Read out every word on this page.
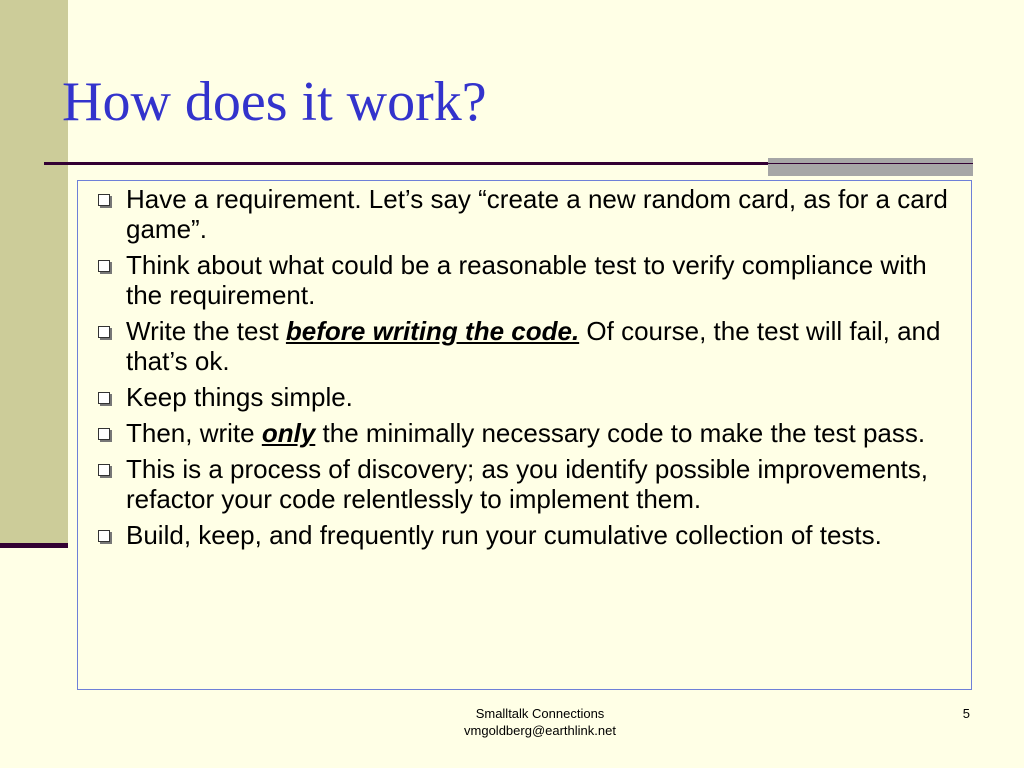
How does it work?
Have a requirement. Let’s say “create a new random card, as for a card game”.
Think about what could be a reasonable test to verify compliance with the requirement.
Write the test before writing the code. Of course, the test will fail, and that’s ok.
Keep things simple.
Then, write only the minimally necessary code to make the test pass.
This is a process of discovery; as you identify possible improvements, refactor your code relentlessly to implement them.
Build, keep, and frequently run your cumulative collection of tests.
Smalltalk Connections
vmgoldberg@earthlink.net
5
